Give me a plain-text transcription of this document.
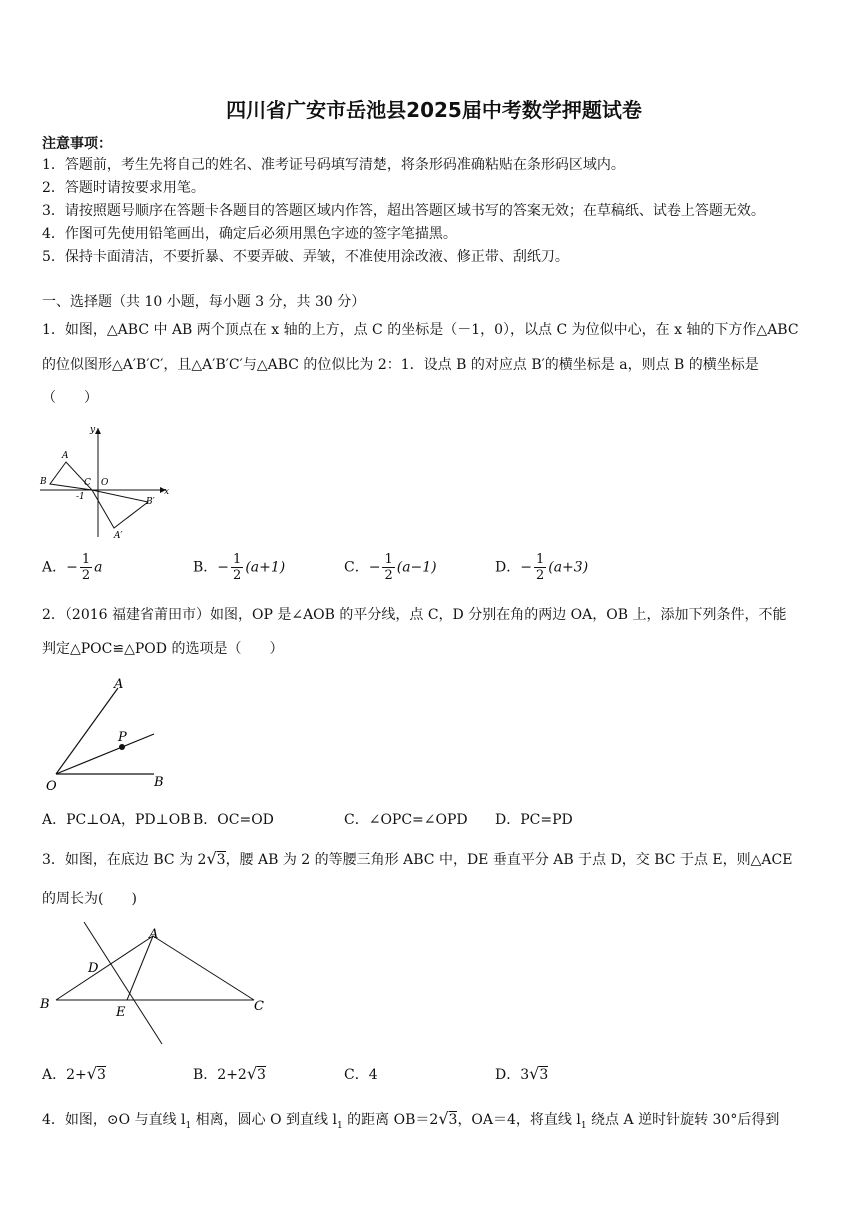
四川省广安市岳池县2025届中考数学押题试卷
注意事项：
1．答题前，考生先将自己的姓名、准考证号码填写清楚，将条形码准确粘贴在条形码区域内。
2．答题时请按要求用笔。
3．请按照题号顺序在答题卡各题目的答题区域内作答，超出答题区域书写的答案无效；在草稿纸、试卷上答题无效。
4．作图可先使用铅笔画出，确定后必须用黑色字迹的签字笔描黑。
5．保持卡面清洁，不要折暴、不要弄破、弄皱，不准使用涂改液、修正带、刮纸刀。
一、选择题（共 10 小题，每小题 3 分，共 30 分）
1．如图，△ABC 中 AB 两个顶点在 x 轴的上方，点 C 的坐标是（－1，0），以点 C 为位似中心，在 x 轴的下方作△ABC
的位似图形△A′B′C′，且△A′B′C′与△ABC 的位似比为 2：1．设点 B 的对应点 B′的横坐标是 a，则点 B 的横坐标是
（　　）
y
x
A
B	C O
-1	B′
A′
A．− $\frac{1}{2}$ a	B．− $\frac{1}{2} (a+1)$	C．− $\frac{1}{2} (a-1)$	D．− $\frac{1}{2} (a+3)$
2．（2016 福建省莆田市）如图，OP 是∠AOB 的平分线，点 C，D 分别在角的两边 OA，OB 上，添加下列条件，不能
判定△POC≌△POD 的选项是（　　）
A
P
O	B
A．PC⊥OA，PD⊥OB B．OC=OD	C．∠OPC=∠OPD D．PC=PD
3．如图，在底边 BC 为 2√3，腰 AB 为 2 的等腰三角形 ABC 中，DE 垂直平分 AB 于点 D，交 BC 于点 E，则△ACE
的周长为(　　)
A
D
B
E	C
A．2+√3	B．2+2√3	C．4	D．3√3
4．如图，⊙O 与直线 $l_1$ 相离，圆心 O 到直线 $l_1$ 的距离 OB＝2√3，OA＝4，将直线 $l_1$ 绕点 A 逆时针旋转 30°后得到
